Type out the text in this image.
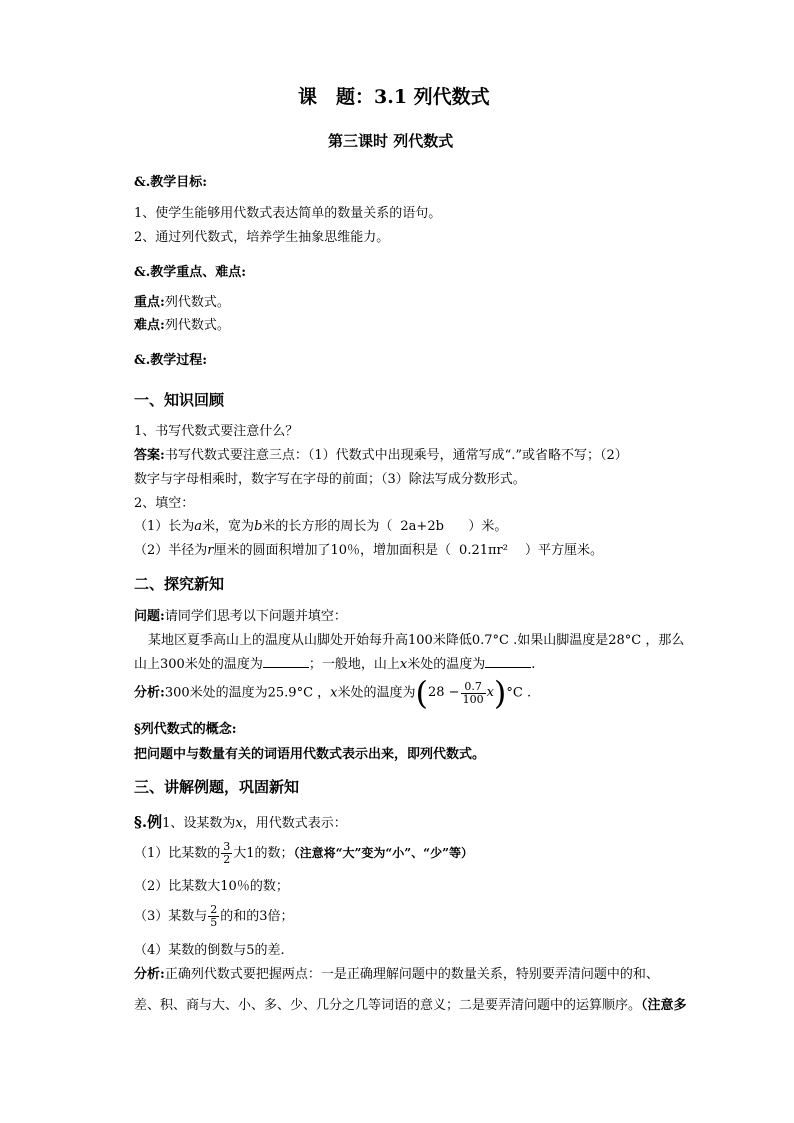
课　题：3.1 列代数式
第三课时 列代数式
&.教学目标:
1、使学生能够用代数式表达简单的数量关系的语句。
2、通过列代数式，培养学生抽象思维能力。
&.教学重点、难点:
重点:列代数式。
难点:列代数式。
&.教学过程:
一、知识回顾
1、书写代数式要注意什么？
答案:书写代数式要注意三点：（1）代数式中出现乘号，通常写成“.”或省略不写；（2）
数字与字母相乘时，数字写在字母的前面；（3）除法写成分数形式。
2、填空：
（1）长为a米，宽为b米的长方形的周长为（ 2a+2b ）米。
（2）半径为r厘米的圆面积增加了10％，增加面积是（ 0.21πr² ）平方厘米。
二、探究新知
问题:请同学们思考以下问题并填空：
某地区夏季高山上的温度从山脚处开始每升高100米降低0.7°C .如果山脚温度是28°C ，那么
山上300米处的温度为	；一般地，山上x米处的温度为	.
分析:300米处的温度为25.9°C ，x米处的温度为$(28 - \frac{0.7}{100} x)^\circ C$ .
§列代数式的概念:
把问题中与数量有关的词语用代数式表示出来，即列代数式。
三、讲解例题，巩固新知
§.例1、设某数为x，用代数式表示：
（1）比某数的 $\frac{3}{2}$ 大1的数；（注意将“大”变为“小”、“少”等）
（2）比某数大10％的数；
（3）某数与 $\frac{2}{5}$ 的和的3倍；
（4）某数的倒数与5的差.
分析:正确列代数式要把握两点：一是正确理解问题中的数量关系，特别要弄清问题中的和、
差、积、商与大、小、多、少、几分之几等词语的意义；二是要弄清问题中的运算顺序。（注意多
